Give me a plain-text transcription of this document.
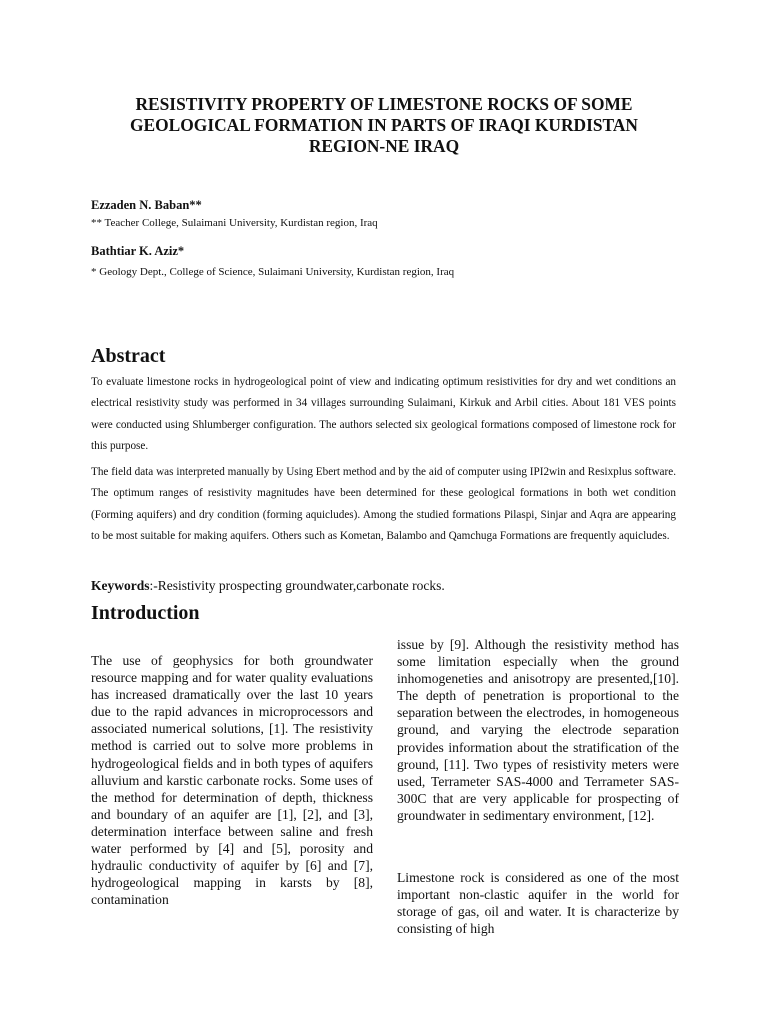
RESISTIVITY PROPERTY OF LIMESTONE ROCKS OF SOME
GEOLOGICAL FORMATION IN PARTS OF IRAQI KURDISTAN
REGION-NE IRAQ

Ezzaden N. Baban**

** Teacher College, Sulaimani University, Kurdistan region, Iraq

Bathtiar K. Aziz*

* Geology Dept., College of Science, Sulaimani University, Kurdistan region, Iraq

Abstract

To evaluate limestone rocks in hydrogeological point of view and indicating optimum resistivities for dry and wet conditions an electrical resistivity study was performed in 34 villages surrounding Sulaimani, Kirkuk and Arbil cities. About 181 VES points were conducted using Shlumberger configuration. The authors selected six geological formations composed of limestone rock for this purpose.

The field data was interpreted manually by Using Ebert method and by the aid of computer using IPI2win and Resixplus software. The optimum ranges of resistivity magnitudes have been determined for these geological formations in both wet condition (Forming aquifers) and dry condition (forming aquicludes). Among the studied formations Pilaspi, Sinjar and Aqra are appearing to be most suitable for making aquifers. Others such as Kometan, Balambo and Qamchuga Formations are frequently aquicludes.

Keywords:-Resistivity prospecting groundwater,carbonate rocks.

Introduction

The use of geophysics for both groundwater resource mapping and for water quality evaluations has increased dramatically over the last 10 years due to the rapid advances in microprocessors and associated numerical solutions, [1]. The resistivity method is carried out to solve more problems in hydrogeological fields and in both types of aquifers alluvium and karstic carbonate rocks. Some uses of the method for determination of depth, thickness and boundary of an aquifer are [1], [2], and [3], determination interface between saline and fresh water performed by [4] and [5], porosity and hydraulic conductivity of aquifer by [6] and [7], hydrogeological mapping in karsts by [8], contamination

issue by [9]. Although the resistivity method has some limitation especially when the ground inhomogeneties and anisotropy are presented,[10]. The depth of penetration is proportional to the separation between the electrodes, in homogeneous ground, and varying the electrode separation provides information about the stratification of the ground, [11]. Two types of resistivity meters were used, Terrameter SAS-4000 and Terrameter SAS-300C that are very applicable for prospecting of groundwater in sedimentary environment, [12].

Limestone rock is considered as one of the most important non-clastic aquifer in the world for storage of gas, oil and water. It is characterize by consisting of high
